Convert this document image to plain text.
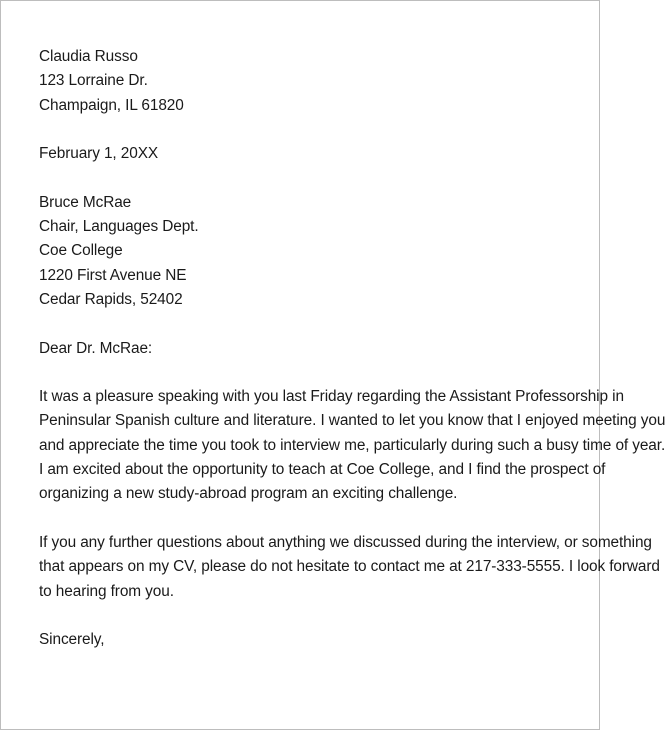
Claudia Russo
123 Lorraine Dr.
Champaign, IL 61820
February 1, 20XX
Bruce McRae
Chair, Languages Dept.
Coe College
1220 First Avenue NE
Cedar Rapids, 52402
Dear Dr. McRae:
It was a pleasure speaking with you last Friday regarding the Assistant Professorship in
Peninsular Spanish culture and literature. I wanted to let you know that I enjoyed meeting you
and appreciate the time you took to interview me, particularly during such a busy time of year.
I am excited about the opportunity to teach at Coe College, and I find the prospect of
organizing a new study-abroad program an exciting challenge.
If you any further questions about anything we discussed during the interview, or something
that appears on my CV, please do not hesitate to contact me at 217-333-5555. I look forward
to hearing from you.
Sincerely,
